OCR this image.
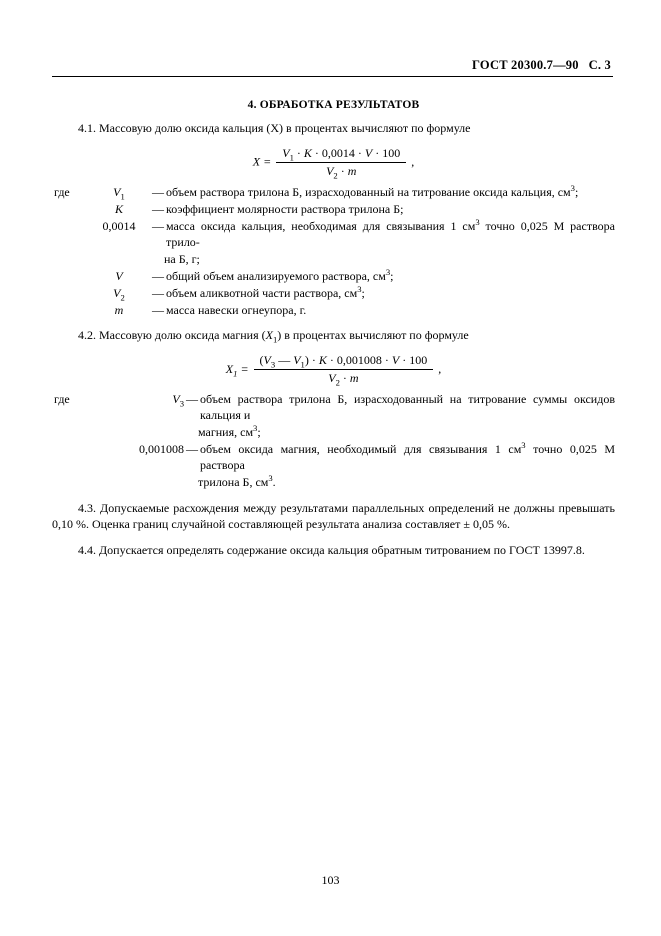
ГОСТ 20300.7—90 С. 3
4. ОБРАБОТКА РЕЗУЛЬТАТОВ
4.1. Массовую долю оксида кальция (X) в процентах вычисляют по формуле
$X = \frac{V_1 \cdot K \cdot 0,0014 \cdot V \cdot 100}{V_2 \cdot m}$ ,
где	$V_1$	— объем раствора трилона Б, израсходованный на титрование оксида кальция, $см^3$;
K	— коэффициент молярности раствора трилона Б;
0,0014	— масса оксида кальция, необходимая для связывания 1 $см^3$ точно 0,025 М раствора трило-
на Б, г;
V	— общий объем анализируемого раствора, $см^3$;
$V_2$	— объем аликвотной части раствора, $см^3$;
m	— масса навески огнеупора, г.
4.2. Массовую долю оксида магния $(X_1)$ в процентах вычисляют по формуле
$X_1 = \frac{(V_3 — V_1) \cdot K \cdot 0,001008 \cdot V \cdot 100}{V_2 \cdot m}$ ,
где	$V_3$ — объем раствора трилона Б, израсходованный на титрование суммы оксидов кальция и
магния, $см^3$;
0,001008 — объем оксида магния, необходимый для связывания 1 $см^3$ точно 0,025 М раствора
трилона Б, $см^3$.
4.3. Допускаемые расхождения между результатами параллельных определений не должны превышать 0,10 %. Оценка границ случайной составляющей результата анализа составляет ± 0,05 %.
4.4. Допускается определять содержание оксида кальция обратным титрованием по ГОСТ 13997.8.
103
